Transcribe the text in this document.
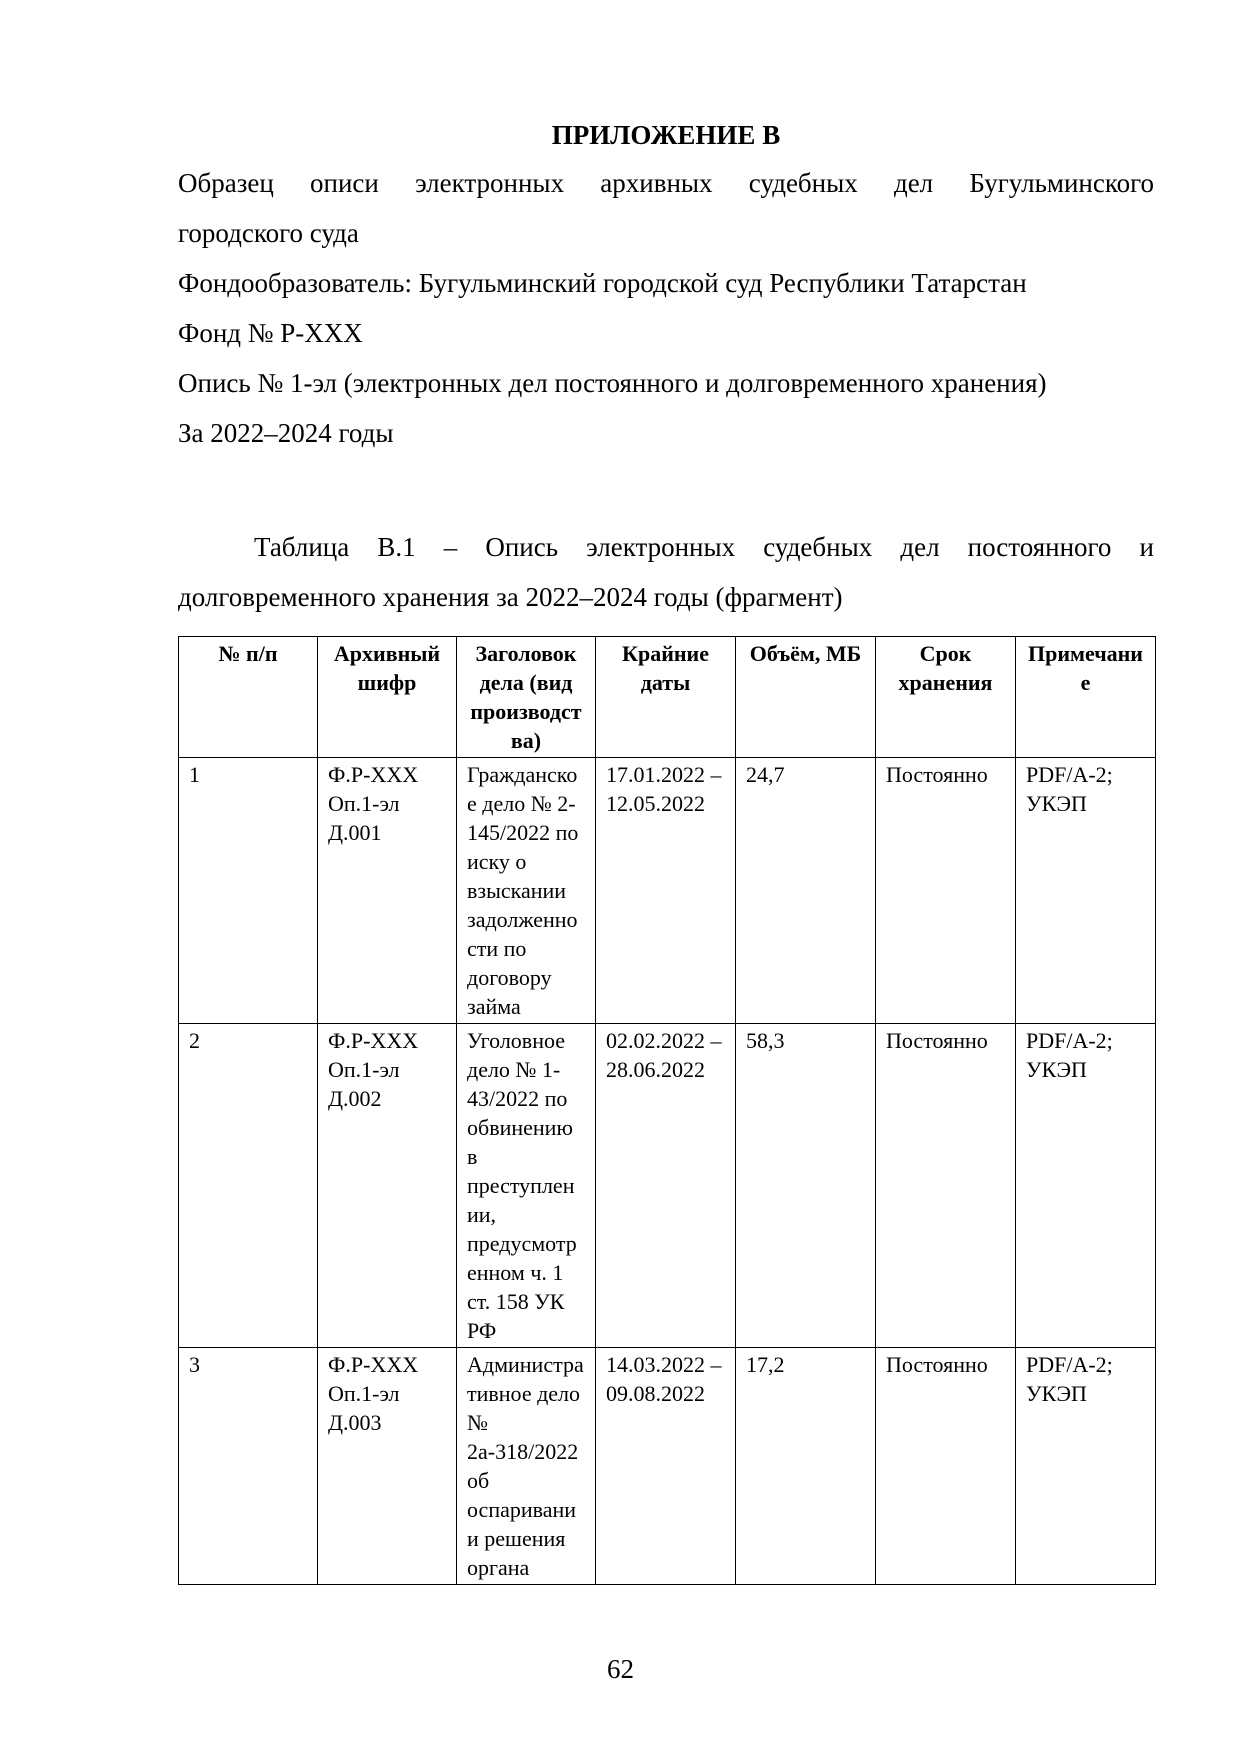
ПРИЛОЖЕНИЕ В
Образец описи электронных архивных судебных дел Бугульминского
городского суда
Фондообразователь: Бугульминский городской суд Республики Татарстан
Фонд № Р-XXX
Опись № 1-эл (электронных дел постоянного и долговременного хранения)
За 2022–2024 годы
Таблица В.1 – Опись электронных судебных дел постоянного и
долговременного хранения за 2022–2024 годы (фрагмент)
№ п/п	Архивный шифр	Заголовок дела (вид производства)	Крайние даты	Объём, МБ	Срок хранения	Примечание
1	Ф.Р-XXX Оп.1-эл Д.001	Гражданское дело № 2-145/2022 по иску о взыскании задолженности по договору займа	17.01.2022 – 12.05.2022	24,7	Постоянно	PDF/A-2; УКЭП
2	Ф.Р-XXX Оп.1-эл Д.002	Уголовное дело № 1-43/2022 по обвинению в преступлении, предусмотренном ч. 1 ст. 158 УК РФ	02.02.2022 – 28.06.2022	58,3	Постоянно	PDF/A-2; УКЭП
3	Ф.Р-XXX Оп.1-эл Д.003	Административное дело № 2а-318/2022 об оспаривании решения органа	14.03.2022 – 09.08.2022	17,2	Постоянно	PDF/A-2; УКЭП
62
